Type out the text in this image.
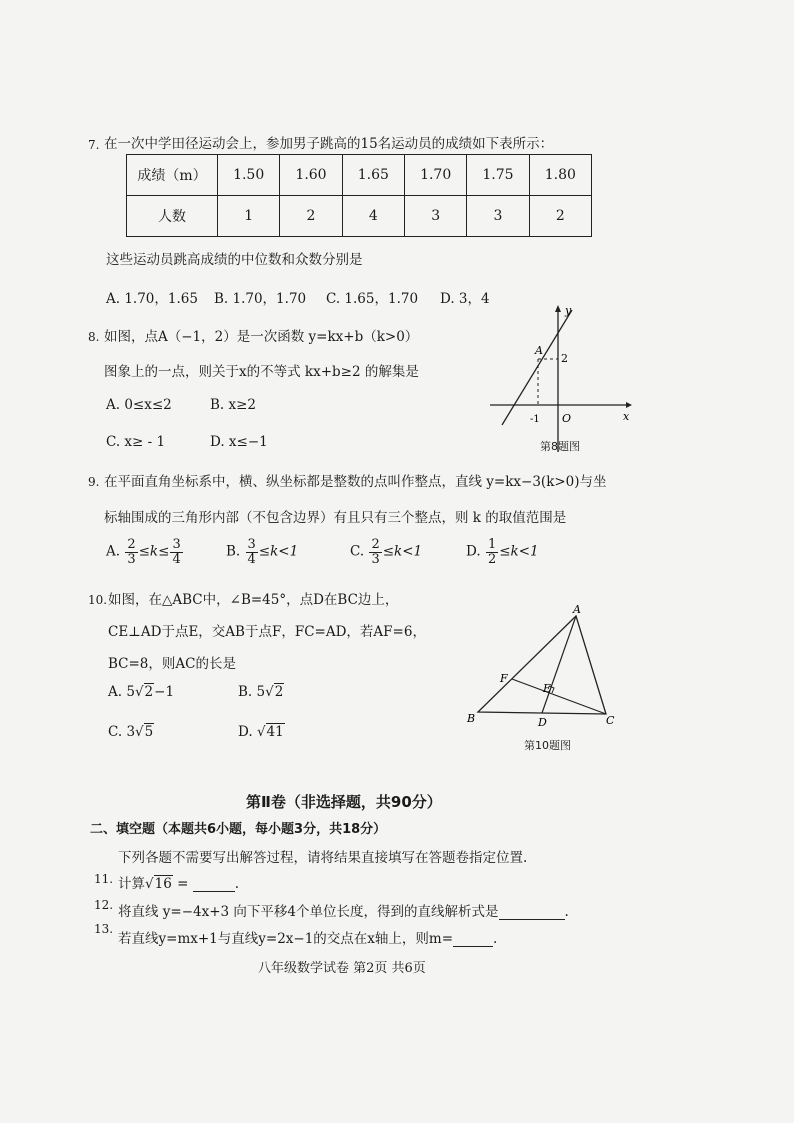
7. 在一次中学田径运动会上，参加男子跳高的15名运动员的成绩如下表所示：
成绩（m）	1.50	1.60	1.65	1.70	1.75	1.80
人数	1	2	4	3	3	2
这些运动员跳高成绩的中位数和众数分别是
A. 1.70，1.65 B. 1.70，1.70 C. 1.65，1.70 D. 3，4
8. 如图，点A（−1，2）是一次函数 y=kx+b（k>0）
图象上的一点，则关于x的不等式 kx+b≥2 的解集是
A. 0≤x≤2	B. x≥2
C. x≥ - 1	D. x≤−1
A
2
-1 O	x
y
第8题图
9. 在平面直角坐标系中，横、纵坐标都是整数的点叫作整点，直线 y=kx−3(k>0)与坐
标轴围成的三角形内部（不包含边界）有且只有三个整点，则 k 的取值范围是
A. $\frac{2}{3} \le k\le \frac{3}{4}$	B. $\frac{3}{4} \le k<1$	C. $\frac{2}{3} \le k<1$	D. $\frac{1}{2} \le k<1$
10. 如图，在△ABC中，∠B=45°，点D在BC边上，
CE⊥AD于点E，交AB于点F，FC=AD，若AF=6，
BC=8，则AC的长是
A. 5√2−1	B. 5√2
C. 3√5	D. √41
A
B	C
D
E
F
第10题图
第Ⅱ卷（非选择题，共90分）
二、填空题（本题共6小题，每小题3分，共18分）
下列各题不需要写出解答过程，请将结果直接填写在答题卷指定位置.
11. 计算√16 =	.
12. 将直线 y=−4x+3 向下平移4个单位长度，得到的直线解析式是	.
13.
若直线y=mx+1与直线y=2x−1的交点在x轴上，则m=	.
八年级数学试卷 第2页 共6页
